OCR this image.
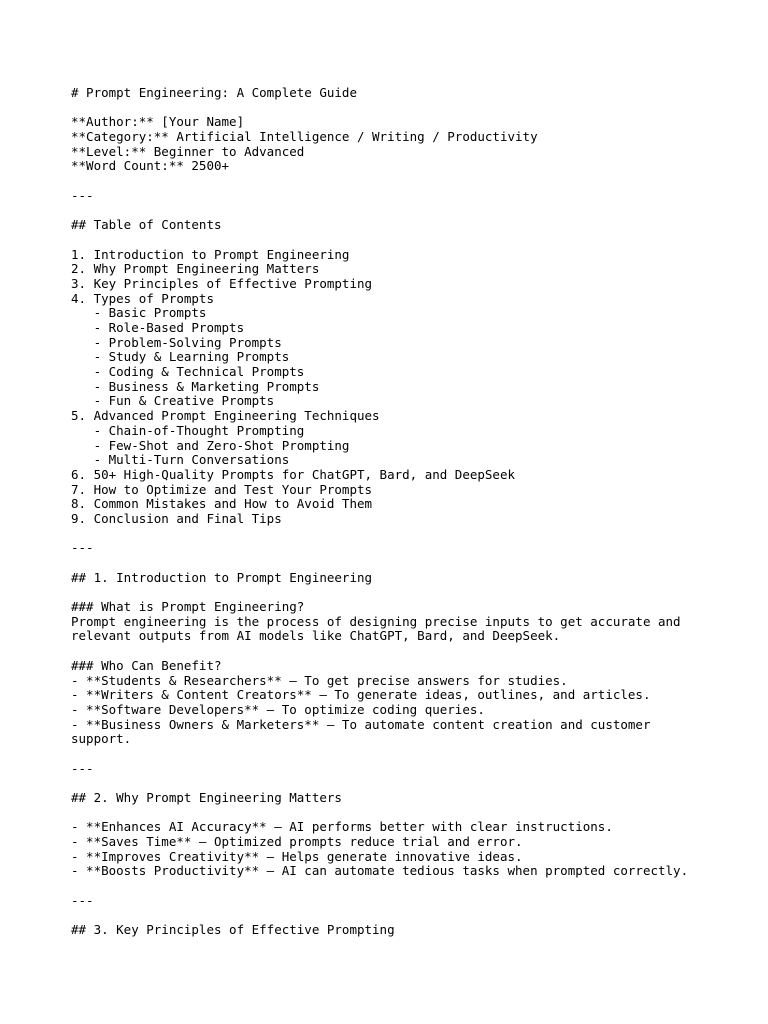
# Prompt Engineering: A Complete Guide
**Author:** [Your Name]
**Category:** Artificial Intelligence / Writing / Productivity
**Level:** Beginner to Advanced
**Word Count:** 2500+
---
## Table of Contents
1. Introduction to Prompt Engineering
2. Why Prompt Engineering Matters
3. Key Principles of Effective Prompting
4. Types of Prompts
- Basic Prompts
- Role-Based Prompts
- Problem-Solving Prompts
- Study & Learning Prompts
- Coding & Technical Prompts
- Business & Marketing Prompts
- Fun & Creative Prompts
5. Advanced Prompt Engineering Techniques
- Chain-of-Thought Prompting
- Few-Shot and Zero-Shot Prompting
- Multi-Turn Conversations
6. 50+ High-Quality Prompts for ChatGPT, Bard, and DeepSeek
7. How to Optimize and Test Your Prompts
8. Common Mistakes and How to Avoid Them
9. Conclusion and Final Tips
---
## 1. Introduction to Prompt Engineering
### What is Prompt Engineering?
Prompt engineering is the process of designing precise inputs to get accurate and
relevant outputs from AI models like ChatGPT, Bard, and DeepSeek.
### Who Can Benefit?
- **Students & Researchers** – To get precise answers for studies.
- **Writers & Content Creators** – To generate ideas, outlines, and articles.
- **Software Developers** – To optimize coding queries.
- **Business Owners & Marketers** – To automate content creation and customer
support.
---
## 2. Why Prompt Engineering Matters
- **Enhances AI Accuracy** – AI performs better with clear instructions.
- **Saves Time** – Optimized prompts reduce trial and error.
- **Improves Creativity** – Helps generate innovative ideas.
- **Boosts Productivity** – AI can automate tedious tasks when prompted correctly.
---
## 3. Key Principles of Effective Prompting
